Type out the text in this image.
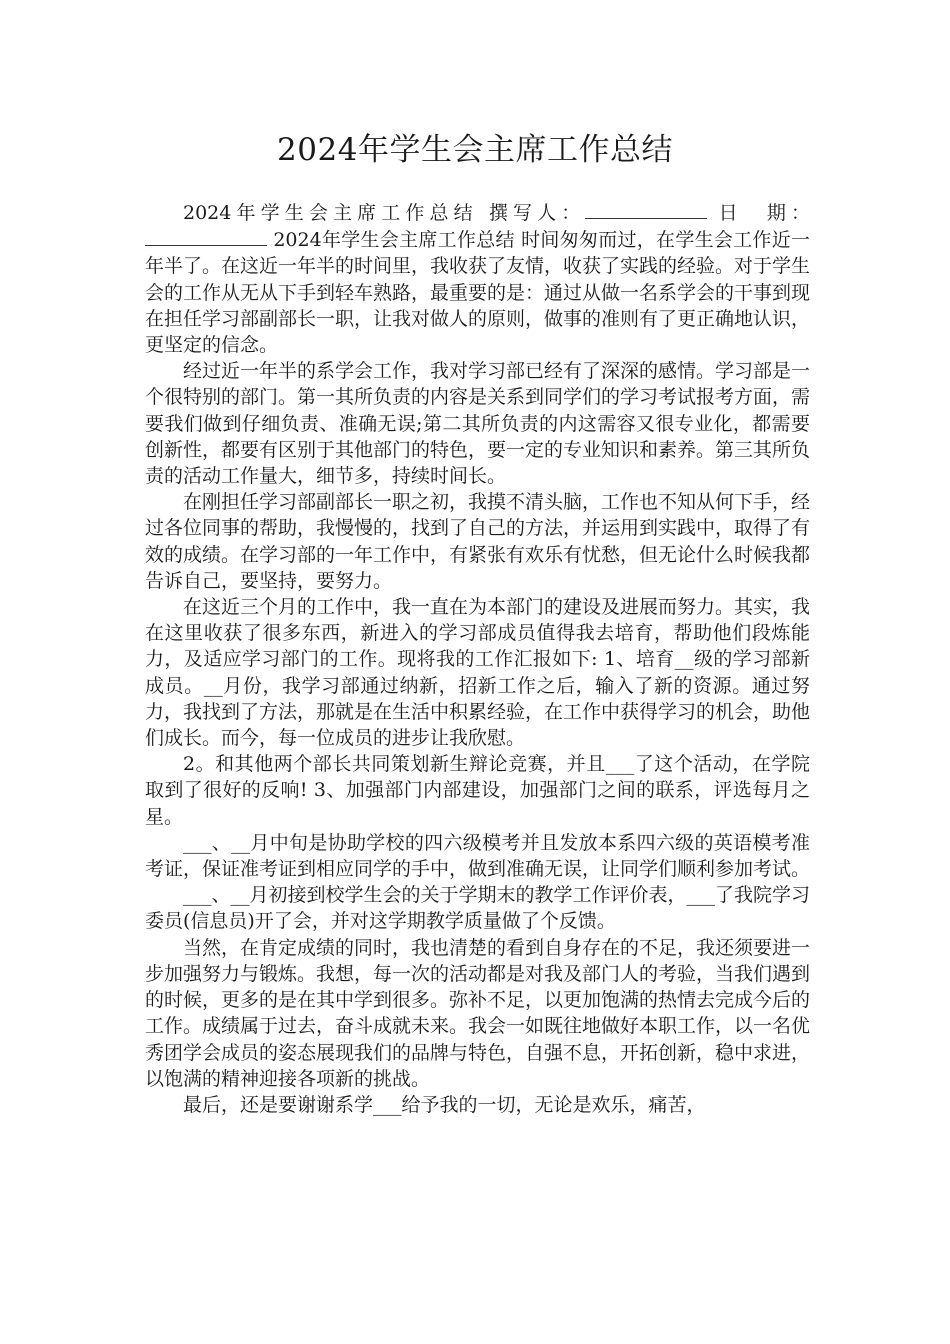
2024年学生会主席工作总结

2024年学生会主席工作总结 撰写人：	日　期： 2024年学生会主席工作总结 时间匆匆而过，在学生会工作近一年半了。在这近一年半的时间里，我收获了友情，收获了实践的经验。对于学生会的工作从无从下手到轻车熟路，最重要的是：通过从做一名系学会的干事到现在担任学习部副部长一职，让我对做人的原则，做事的准则有了更正确地认识，更坚定的信念。

经过近一年半的系学会工作，我对学习部已经有了深深的感情。学习部是一个很特别的部门。第一其所负责的内容是关系到同学们的学习考试报考方面，需要我们做到仔细负责、准确无误;第二其所负责的内这需容又很专业化，都需要创新性，都要有区别于其他部门的特色，要一定的专业知识和素养。第三其所负责的活动工作量大，细节多，持续时间长。

在刚担任学习部副部长一职之初，我摸不清头脑，工作也不知从何下手，经过各位同事的帮助，我慢慢的，找到了自己的方法，并运用到实践中，取得了有效的成绩。在学习部的一年工作中，有紧张有欢乐有忧愁，但无论什么时候我都告诉自己，要坚持，要努力。

在这近三个月的工作中，我一直在为本部门的建设及进展而努力。其实，我在这里收获了很多东西，新进入的学习部成员值得我去培育，帮助他们段炼能力，及适应学习部门的工作。现将我的工作汇报如下: 1、培育__级的学习部新成员。__月份，我学习部通过纳新，招新工作之后，输入了新的资源。通过努力，我找到了方法，那就是在生活中积累经验，在工作中获得学习的机会，助他们成长。而今，每一位成员的进步让我欣慰。

2。和其他两个部长共同策划新生辩论竞赛，并且___了这个活动，在学院取到了很好的反响! 3、加强部门内部建设，加强部门之间的联系，评选每月之星。

___、__月中旬是协助学校的四六级模考并且发放本系四六级的英语模考准考证，保证准考证到相应同学的手中，做到准确无误，让同学们顺利参加考试。

___、__月初接到校学生会的关于学期末的教学工作评价表，___了我院学习委员(信息员)开了会，并对这学期教学质量做了个反馈。

当然，在肯定成绩的同时，我也清楚的看到自身存在的不足，我还须要进一步加强努力与锻炼。我想，每一次的活动都是对我及部门人的考验，当我们遇到的时候，更多的是在其中学到很多。弥补不足，以更加饱满的热情去完成今后的工作。成绩属于过去，奋斗成就未来。我会一如既往地做好本职工作，以一名优秀团学会成员的姿态展现我们的品牌与特色，自强不息，开拓创新，稳中求进，以饱满的精神迎接各项新的挑战。

最后，还是要谢谢系学___给予我的一切，无论是欢乐，痛苦，
